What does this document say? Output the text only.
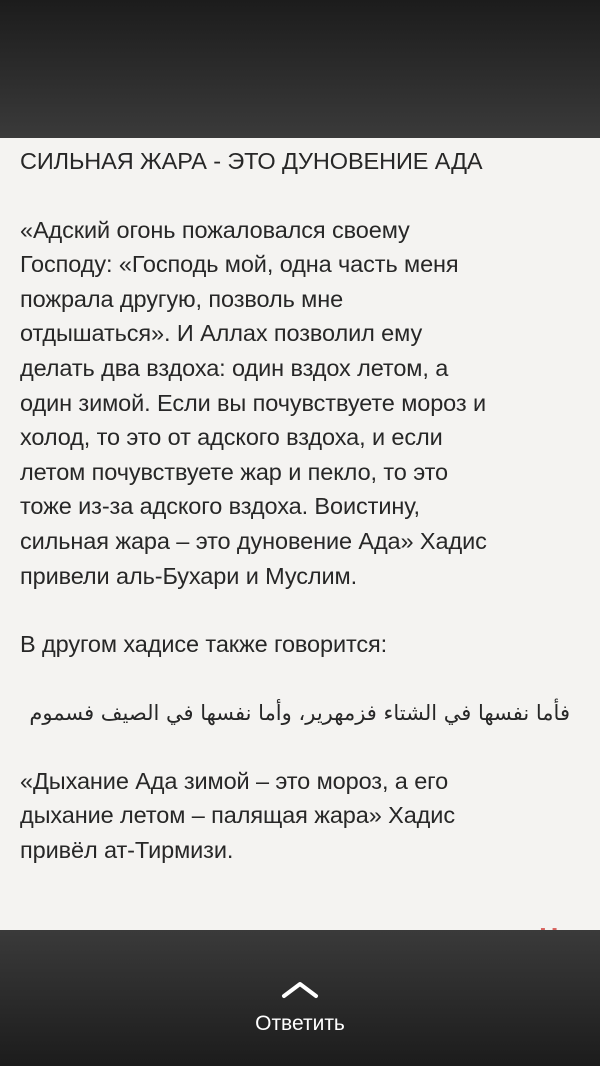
СИЛЬНАЯ ЖАРА - ЭТО ДУНОВЕНИЕ АДА
«Адский огонь пожаловался своему
Господу: «Господь мой, одна часть меня
пожрала другую, позволь мне
отдышаться». И Аллах позволил ему
делать два вздоха: один вздох летом, а
один зимой. Если вы почувствуете мороз и
холод, то это от адского вздоха, и если
летом почувствуете жар и пекло, то это
тоже из-за адского вздоха. Воистину,
сильная жара – это дуновение Ада» Хадис
привели аль-Бухари и Муслим.
В другом хадисе также говорится:
فأما نفسها في الشتاء فزمهرير، وأما نفسها في الصيف فسموم
«Дыхание Ада зимой – это мороз, а его
дыхание летом – палящая жара» Хадис
привёл ат-Тирмизи.
Ответить
